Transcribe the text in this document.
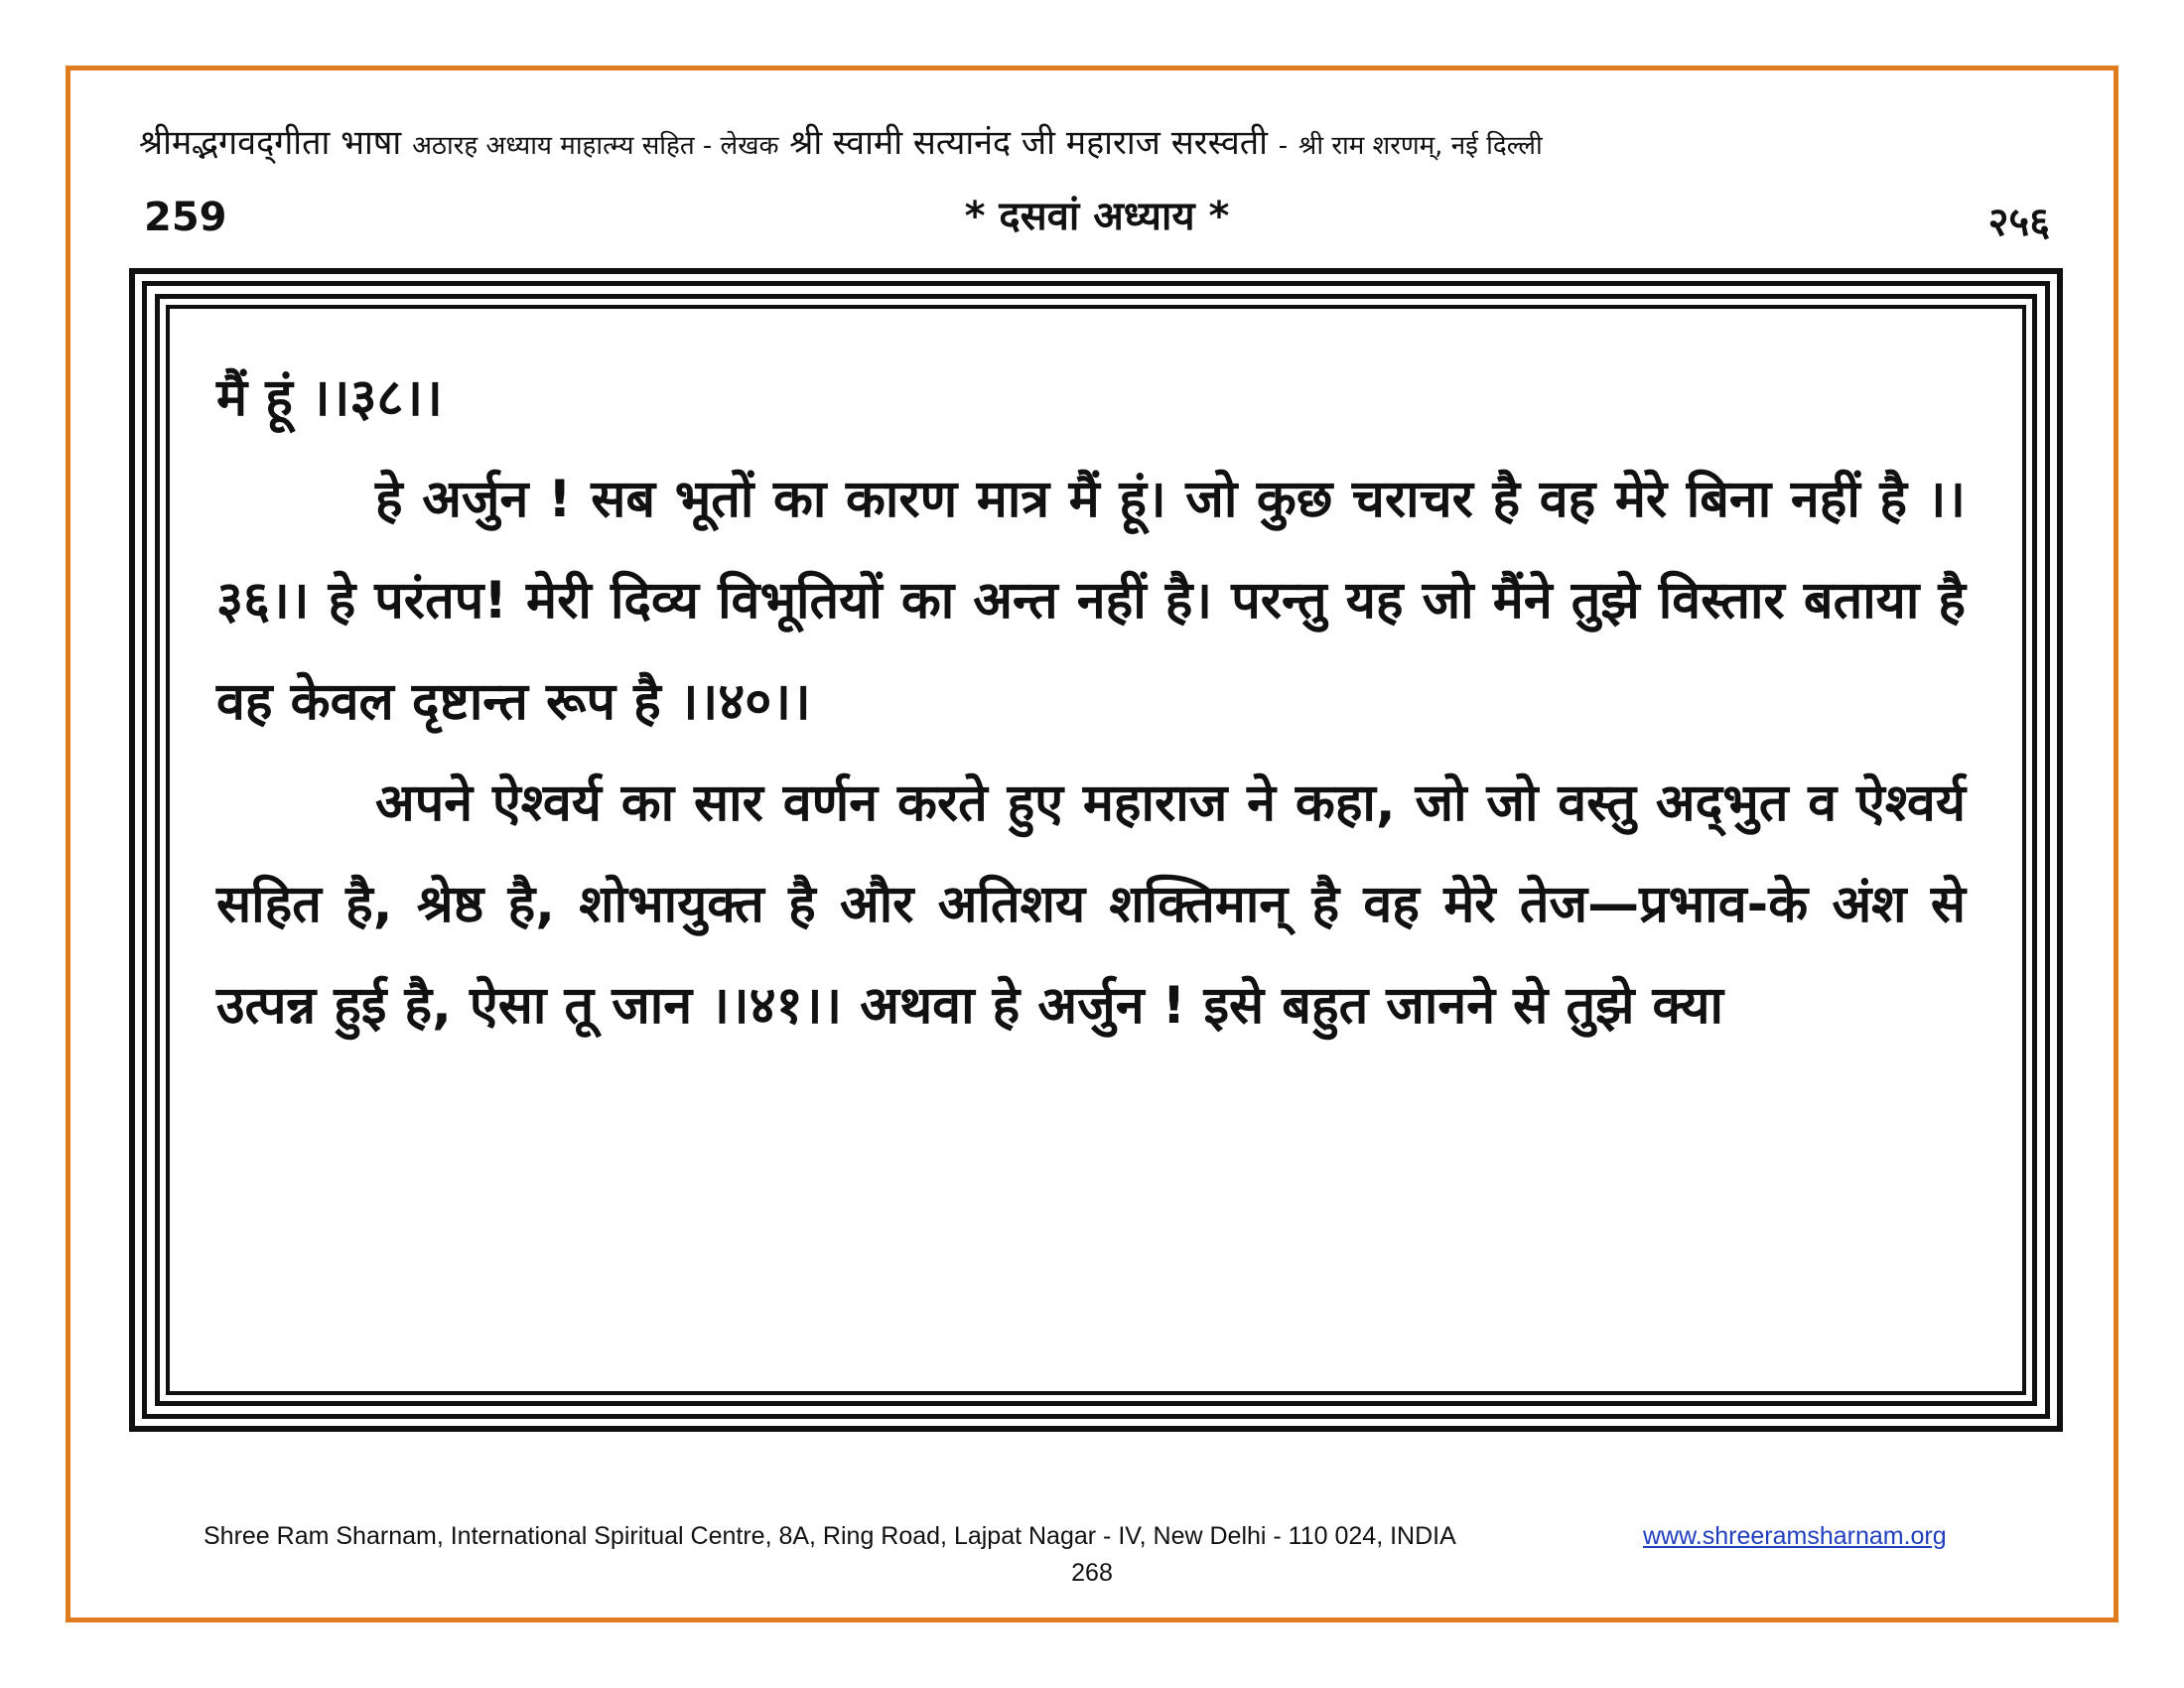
श्रीमद्भगवद्‌गीता भाषा अठारह अध्याय माहात्म्य सहित - लेखक श्री स्वामी सत्यानंद जी महाराज सरस्वती - श्री राम शरणम्, नई दिल्ली
259	* दसवां अध्याय *	२५६

मैं हूं ।।३८।।

हे अर्जुन ! सब भूतों का कारण मात्र मैं हूं। जो कुछ चराचर है वह मेरे बिना नहीं है ।।३६।। हे परंतप! मेरी दिव्य विभूतियों का अन्त नहीं है। परन्तु यह जो मैंने तुझे विस्तार बताया है वह केवल दृष्टान्त रूप है ।।४०।।

अपने ऐश्वर्य का सार वर्णन करते हुए महाराज ने कहा, जो जो वस्तु अद्‌भुत व ऐश्वर्य सहित है, श्रेष्ठ है, शोभायुक्त है और अतिशय शक्तिमान्‌ है वह मेरे तेज—प्रभाव-के अंश से उत्पन्न हुई है, ऐसा तू जान ।।४१।। अथवा हे अर्जुन ! इसे बहुत जानने से तुझे क्या

Shree Ram Sharnam, International Spiritual Centre, 8A, Ring Road, Lajpat Nagar - IV, New Delhi - 110 024, INDIA	www.shreeramsharnam.org
268
